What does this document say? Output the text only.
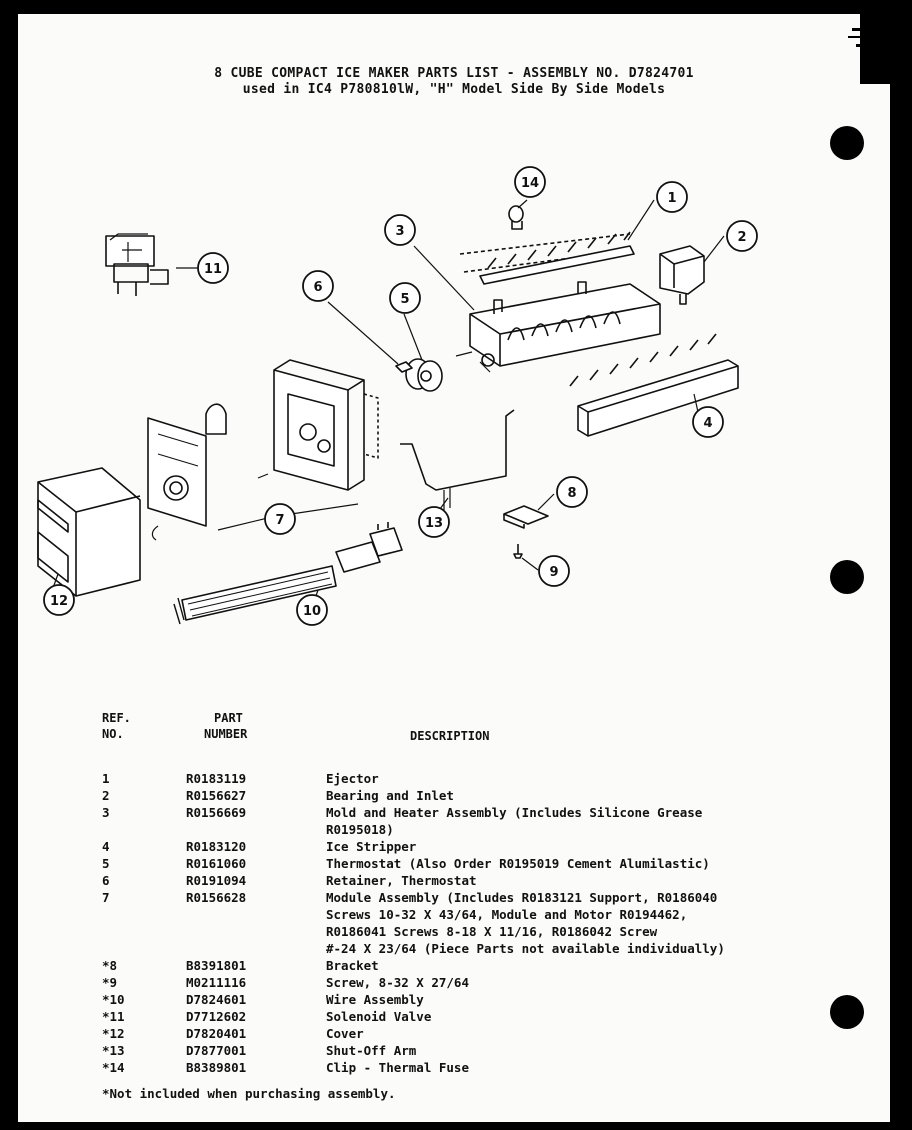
8 CUBE COMPACT ICE MAKER PARTS LIST - ASSEMBLY NO. D7824701
used in IC4 P780810lW, "H" Model Side By Side Models
1
2
3
4
5
6
7
8
9
10
11
12
13
14
REF.
NO.
PART
NUMBER	DESCRIPTION
1	R0183119	Ejector
2	R0156627	Bearing and Inlet
3	R0156669	Mold and Heater Assembly (Includes Silicone Grease
R0195018)
4	R0183120	Ice Stripper
5	R0161060	Thermostat (Also Order R0195019 Cement Alumilastic)
6	R0191094	Retainer, Thermostat
7	R0156628	Module Assembly (Includes R0183121 Support, R0186040
Screws 10-32 X 43/64, Module and Motor R0194462,
R0186041 Screws 8-18 X 11/16, R0186042 Screw
#-24 X 23/64 (Piece Parts not available individually)
*8	B8391801	Bracket
*9	M0211116	Screw, 8-32 X 27/64
*10	D7824601	Wire Assembly
*11	D7712602	Solenoid Valve
*12	D7820401	Cover
*13	D7877001	Shut-Off Arm
*14	B8389801	Clip - Thermal Fuse
*Not included when purchasing assembly.
